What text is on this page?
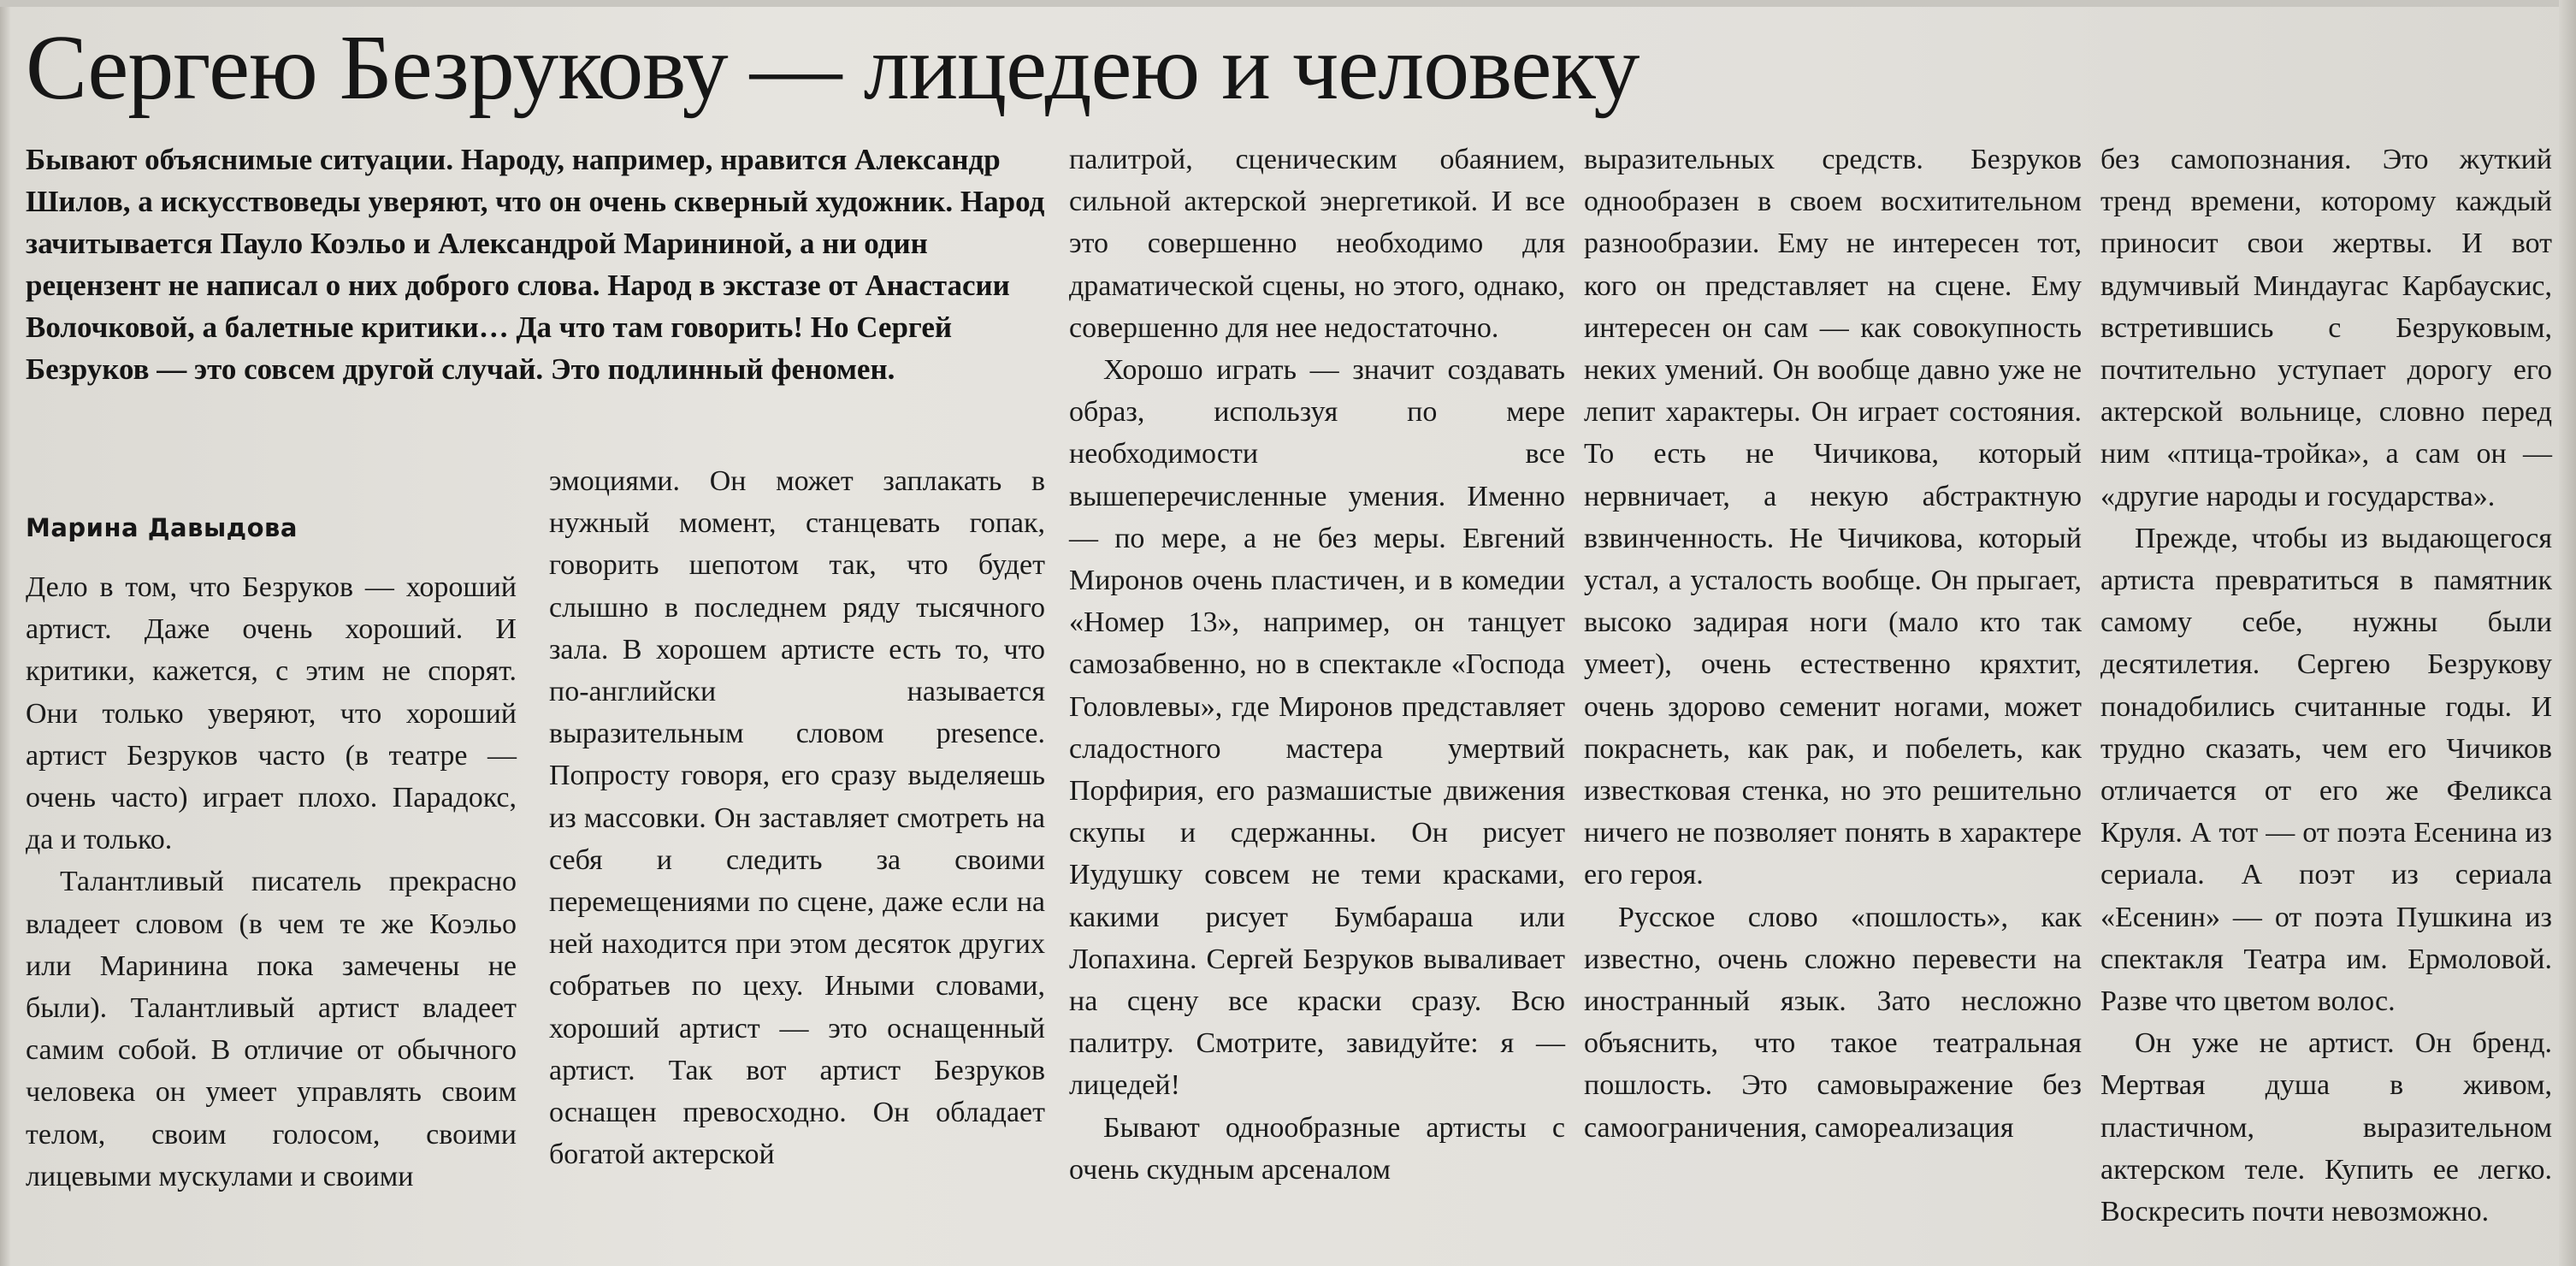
Сергею Безрукову — лицедею и человеку
Бывают объяснимые ситуации. Народу, например, нравится Александр Шилов, а искусствоведы уверяют, что он очень скверный художник. Народ зачитывается Пауло Коэльо и Александрой Марининой, а ни один рецензент не написал о них доброго слова. Народ в экстазе от Анастасии Волочковой, а балетные критики… Да что там говорить! Но Сергей Безруков — это совсем другой случай. Это подлинный феномен.
Марина Давыдова

Дело в том, что Безруков — хороший артист. Даже очень хороший. И критики, кажется, с этим не спорят. Они только уверяют, что хороший артист Безруков часто (в театре — очень часто) играет плохо. Парадокс, да и только.

Талантливый писатель прекрасно владеет словом (в чем те же Коэльо или Маринина пока замечены не были). Талантливый артист владеет самим собой. В отличие от обычного человека он умеет управлять своим телом, своим голосом, своими лицевыми мускулами и своими

эмоциями. Он может заплакать в нужный момент, станцевать гопак, говорить шепотом так, что будет слышно в последнем ряду тысячного зала. В хорошем артисте есть то, что по-английски называется выразительным словом presence. Попросту говоря, его сразу выделяешь из массовки. Он заставляет смотреть на себя и следить за своими перемещениями по сцене, даже если на ней находится при этом десяток других собратьев по цеху. Иными словами, хороший артист — это оснащенный артист. Так вот артист Безруков оснащен превосходно. Он обладает богатой актерской

палитрой, сценическим обаянием, сильной актерской энергетикой. И все это совершенно необходимо для драматической сцены, но этого, однако, совершенно для нее недостаточно.

Хорошо играть — значит создавать образ, используя по мере необходимости все вышеперечисленные умения. Именно — по мере, а не без меры. Евгений Миронов очень пластичен, и в комедии «Номер 13», например, он танцует самозабвенно, но в спектакле «Господа Головлевы», где Миронов представляет сладостного мастера умертвий Порфирия, его размашистые движения скупы и сдержанны. Он рисует Иудушку совсем не теми красками, какими рисует Бумбараша или Лопахина. Сергей Безруков вываливает на сцену все краски сразу. Всю палитру. Смотрите, завидуйте: я — лицедей!

Бывают однообразные артисты с очень скудным арсеналом

выразительных средств. Безруков однообразен в своем восхитительном разнообразии. Ему не интересен тот, кого он представляет на сцене. Ему интересен он сам — как совокупность неких умений. Он вообще давно уже не лепит характеры. Он играет состояния. То есть не Чичикова, который нервничает, а некую абстрактную взвинченность. Не Чичикова, который устал, а усталость вообще. Он прыгает, высоко задирая ноги (мало кто так умеет), очень естественно кряхтит, очень здорово семенит ногами, может покраснеть, как рак, и побелеть, как известковая стенка, но это решительно ничего не позволяет понять в характере его героя.

Русское слово «пошлость», как известно, очень сложно перевести на иностранный язык. Зато несложно объяснить, что такое театральная пошлость. Это самовыражение без самоограничения, самореализация

без самопознания. Это жуткий тренд времени, которому каждый приносит свои жертвы. И вот вдумчивый Миндаугас Карбаускис, встретившись с Безруковым, почтительно уступает дорогу его актерской вольнице, словно перед ним «птица-тройка», а сам он — «другие народы и государства».

Прежде, чтобы из выдающегося артиста превратиться в памятник самому себе, нужны были десятилетия. Сергею Безрукову понадобились считанные годы. И трудно сказать, чем его Чичиков отличается от его же Феликса Круля. А тот — от поэта Есенина из сериала. А поэт из сериала «Есенин» — от поэта Пушкина из спектакля Театра им. Ермоловой. Разве что цветом волос.

Он уже не артист. Он бренд. Мертвая душа в живом, пластичном, выразительном актерском теле. Купить ее легко. Воскресить почти невозможно.
